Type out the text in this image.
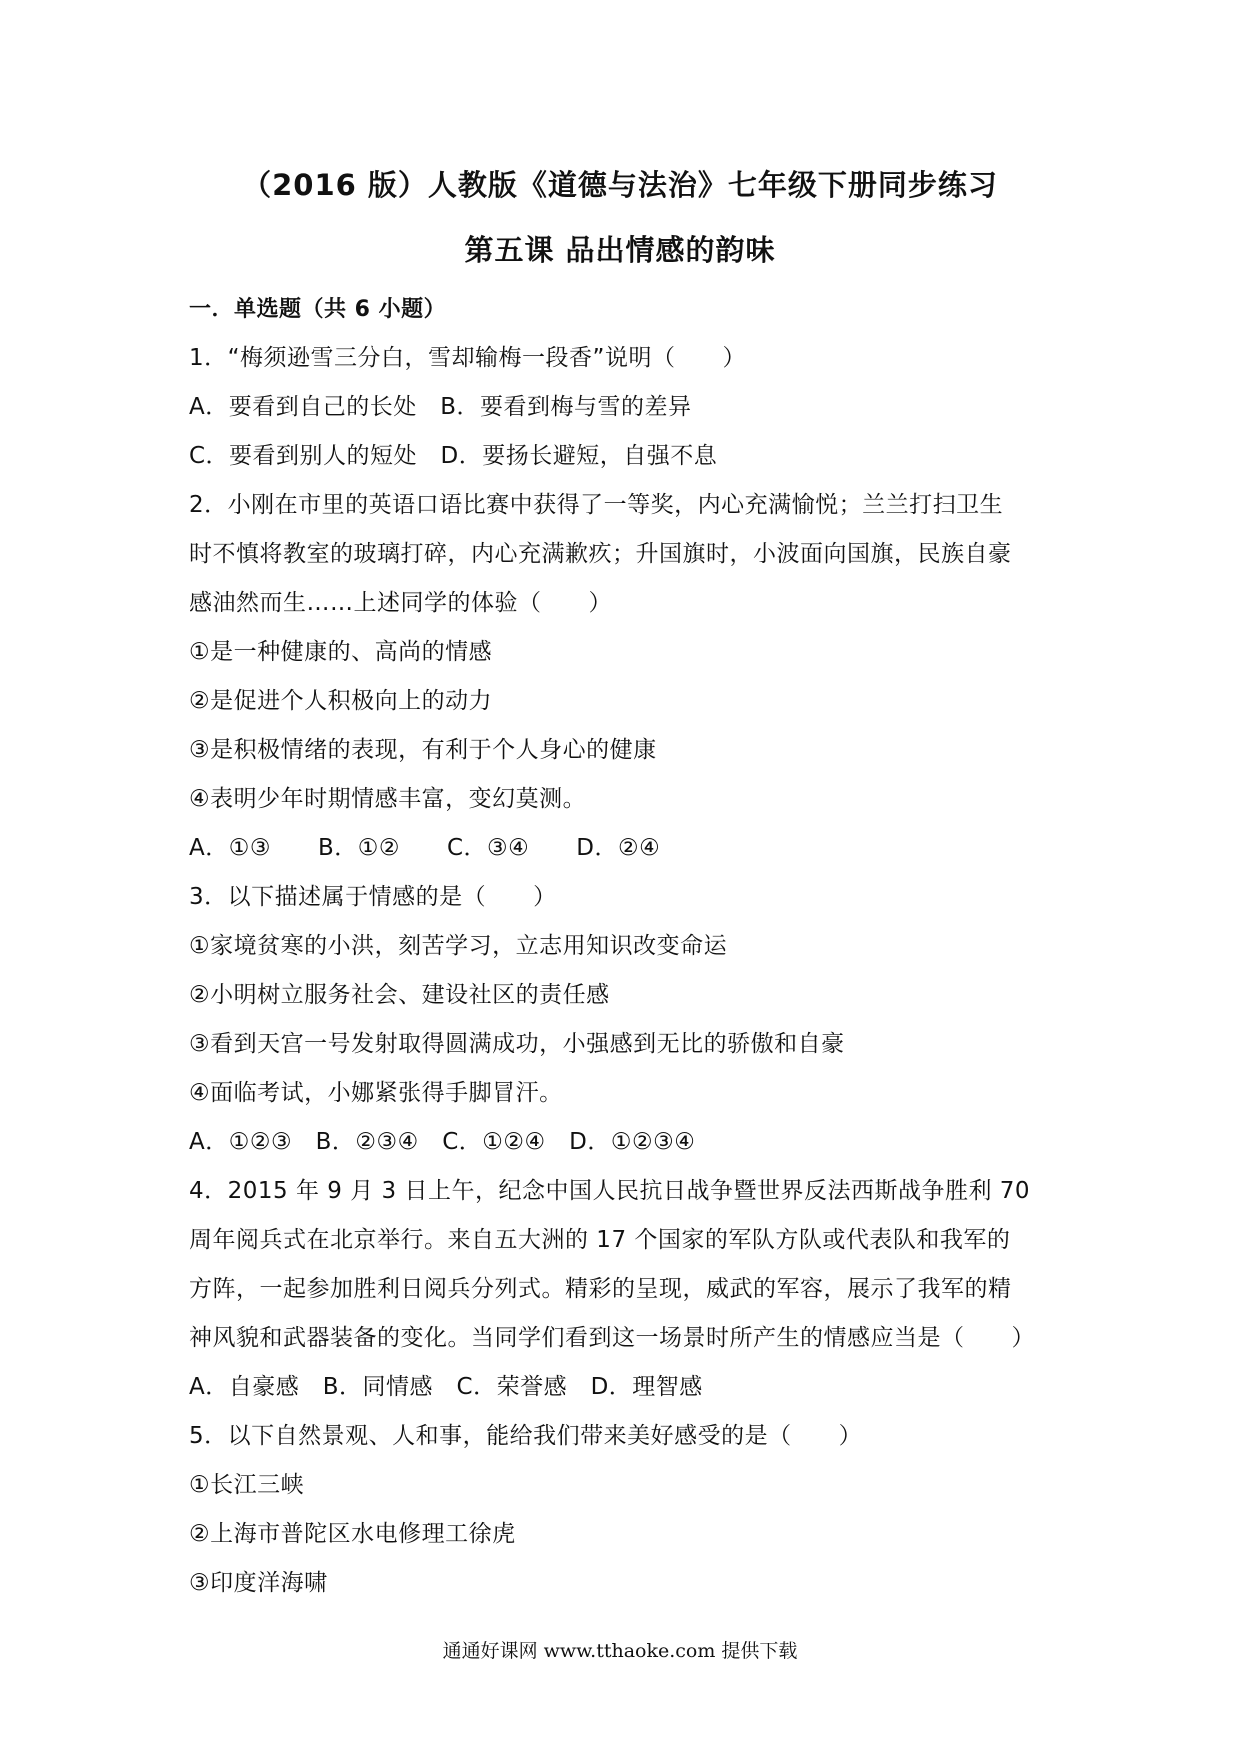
（2016 版）人教版《道德与法治》七年级下册同步练习
第五课 品出情感的韵味
一．单选题（共 6 小题）
1．“梅须逊雪三分白，雪却输梅一段香”说明（　　）
A．要看到自己的长处　B．要看到梅与雪的差异
C．要看到别人的短处　D．要扬长避短，自强不息
2．小刚在市里的英语口语比赛中获得了一等奖，内心充满愉悦；兰兰打扫卫生
时不慎将教室的玻璃打碎，内心充满歉疚；升国旗时，小波面向国旗，民族自豪
感油然而生……上述同学的体验（　　）
①是一种健康的、高尚的情感
②是促进个人积极向上的动力
③是积极情绪的表现，有利于个人身心的健康
④表明少年时期情感丰富，变幻莫测。
A．①③　　B．①②　　C．③④　　D．②④
3．以下描述属于情感的是（　　）
①家境贫寒的小洪，刻苦学习，立志用知识改变命运
②小明树立服务社会、建设社区的责任感
③看到天宫一号发射取得圆满成功，小强感到无比的骄傲和自豪
④面临考试，小娜紧张得手脚冒汗。
A．①②③　B．②③④　C．①②④　D．①②③④
4．2015 年 9 月 3 日上午，纪念中国人民抗日战争暨世界反法西斯战争胜利 70
周年阅兵式在北京举行。来自五大洲的 17 个国家的军队方队或代表队和我军的
方阵，一起参加胜利日阅兵分列式。精彩的呈现，威武的军容，展示了我军的精
神风貌和武器装备的变化。当同学们看到这一场景时所产生的情感应当是（　　）
A．自豪感　B．同情感　C．荣誉感　D．理智感
5．以下自然景观、人和事，能给我们带来美好感受的是（　　）
①长江三峡
②上海市普陀区水电修理工徐虎
③印度洋海啸
通通好课网 www.tthaoke.com 提供下载
